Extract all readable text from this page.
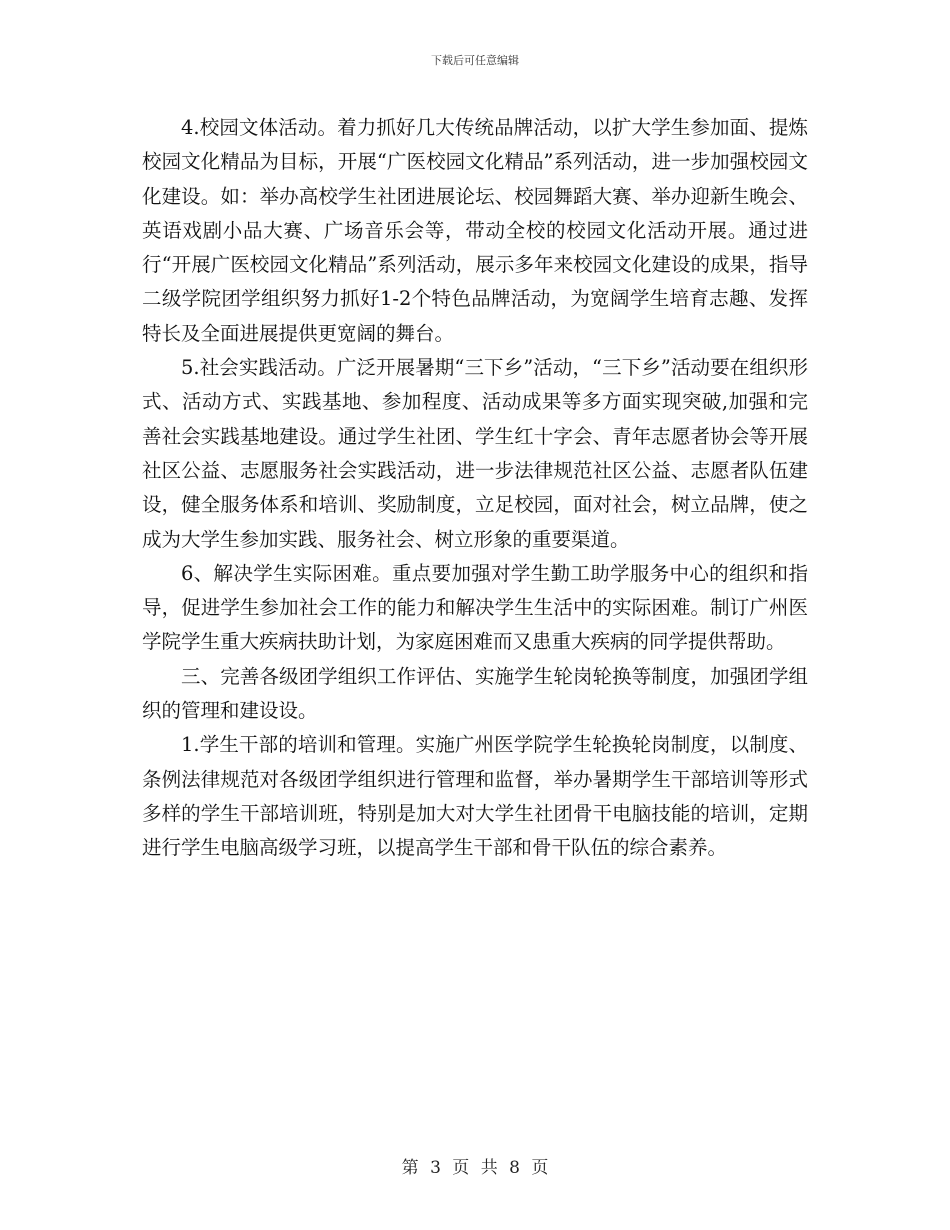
下载后可任意编辑

4.校园文体活动。着力抓好几大传统品牌活动，以扩大学生参加面、提炼校园文化精品为目标，开展“广医校园文化精品”系列活动，进一步加强校园文化建设。如：举办高校学生社团进展论坛、校园舞蹈大赛、举办迎新生晚会、英语戏剧小品大赛、广场音乐会等，带动全校的校园文化活动开展。通过进行“开展广医校园文化精品”系列活动，展示多年来校园文化建设的成果，指导二级学院团学组织努力抓好1-2个特色品牌活动，为宽阔学生培育志趣、发挥特长及全面进展提供更宽阔的舞台。

5.社会实践活动。广泛开展暑期“三下乡”活动，“三下乡”活动要在组织形式、活动方式、实践基地、参加程度、活动成果等多方面实现突破,加强和完善社会实践基地建设。通过学生社团、学生红十字会、青年志愿者协会等开展社区公益、志愿服务社会实践活动，进一步法律规范社区公益、志愿者队伍建设，健全服务体系和培训、奖励制度，立足校园，面对社会，树立品牌，使之成为大学生参加实践、服务社会、树立形象的重要渠道。

6、解决学生实际困难。重点要加强对学生勤工助学服务中心的组织和指导，促进学生参加社会工作的能力和解决学生生活中的实际困难。制订广州医学院学生重大疾病扶助计划，为家庭困难而又患重大疾病的同学提供帮助。

三、完善各级团学组织工作评估、实施学生轮岗轮换等制度，加强团学组织的管理和建设设。

1.学生干部的培训和管理。实施广州医学院学生轮换轮岗制度，以制度、条例法律规范对各级团学组织进行管理和监督，举办暑期学生干部培训等形式多样的学生干部培训班，特别是加大对大学生社团骨干电脑技能的培训，定期进行学生电脑高级学习班，以提高学生干部和骨干队伍的综合素养。

第 3 页 共 8 页
